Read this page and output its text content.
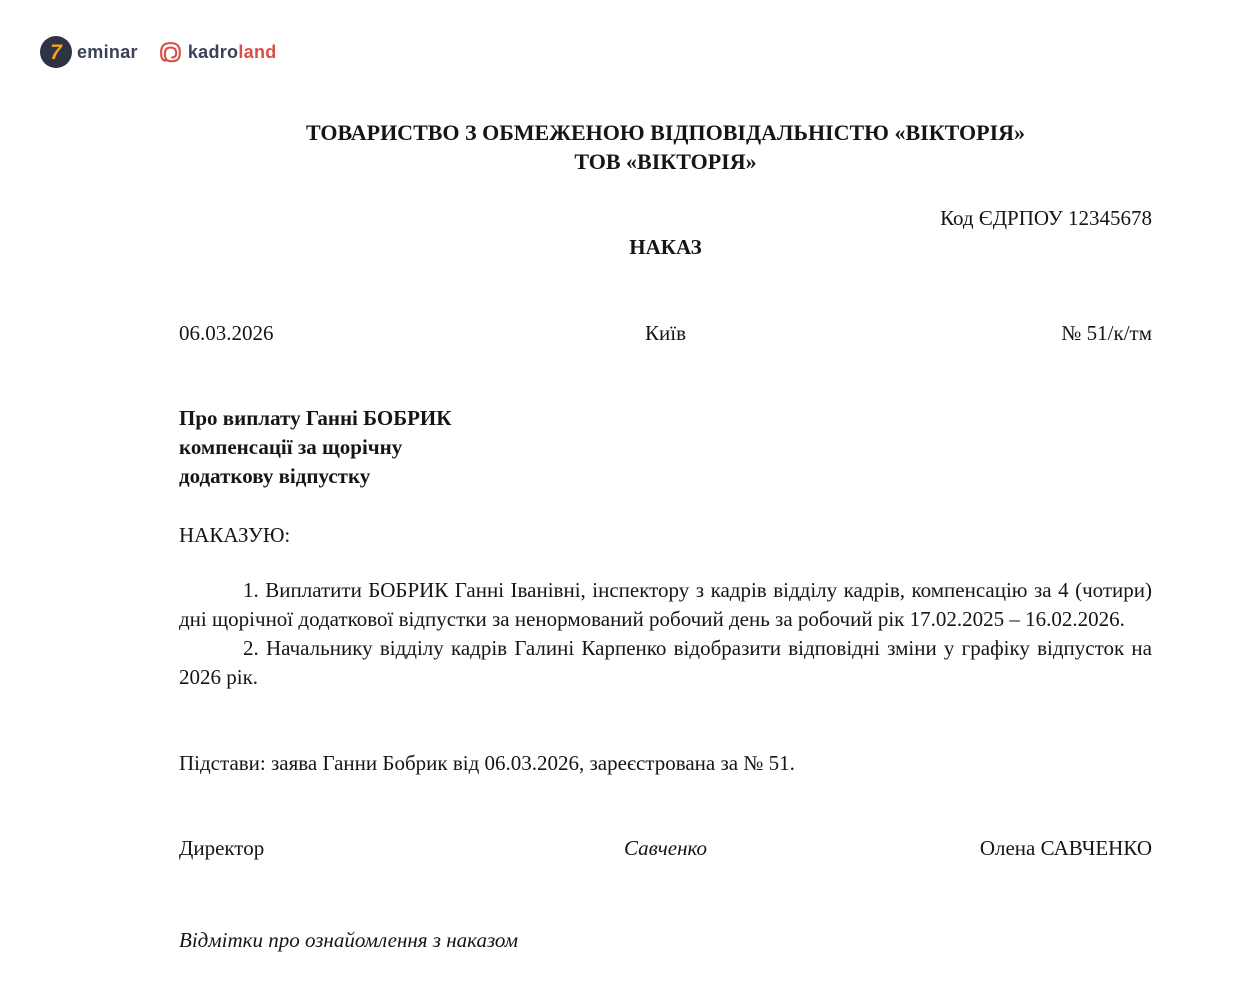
7 eminar	kadroland
ТОВАРИСТВО З ОБМЕЖЕНОЮ ВІДПОВІДАЛЬНІСТЮ «ВІКТОРІЯ»
ТОВ «ВІКТОРІЯ»
Код ЄДРПОУ 12345678
НАКАЗ
06.03.2026	Київ	№ 51/к/тм
Про виплату Ганні БОБРИК
компенсації за щорічну
додаткову відпустку
НАКАЗУЮ:

1. Виплатити БОБРИК Ганні Іванівні, інспектору з кадрів відділу кадрів, компенсацію за 4 (чотири) дні щорічної додаткової відпустки за ненормований робочий день за робочий рік 17.02.2025 – 16.02.2026.

2. Начальнику відділу кадрів Галині Карпенко відобразити відповідні зміни у графіку відпусток на 2026 рік.

Підстави: заява Ганни Бобрик від 06.03.2026, зареєстрована за № 51.

Директор	Савченко	Олена САВЧЕНКО

Відмітки про ознайомлення з наказом
